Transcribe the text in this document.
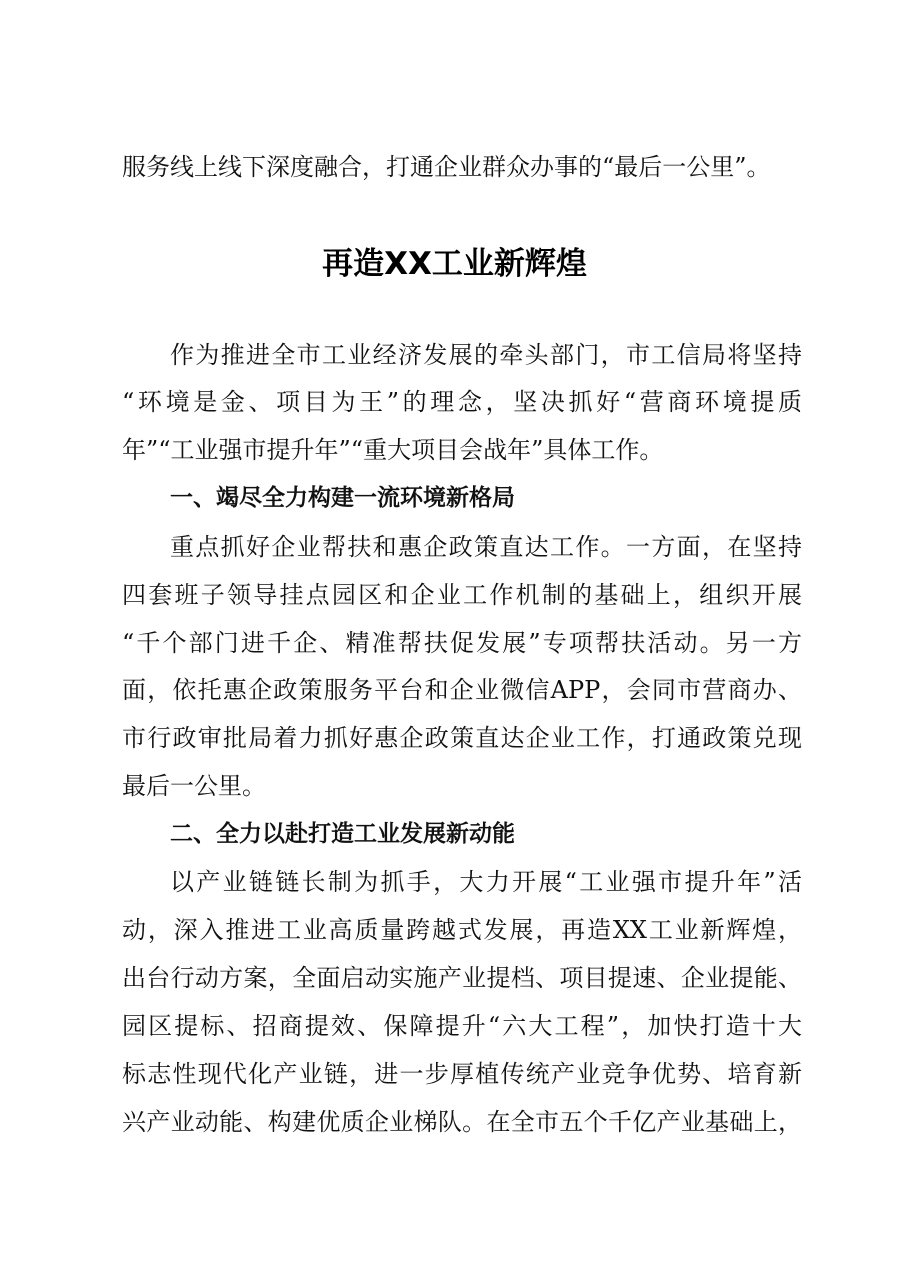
服务线上线下深度融合，打通企业群众办事的“最后一公里”。
再造XX工业新辉煌
作为推进全市工业经济发展的牵头部门，市工信局将坚持
“环境是金、项目为王”的理念，坚决抓好“营商环境提质
年”“工业强市提升年”“重大项目会战年”具体工作。
一、竭尽全力构建一流环境新格局
重点抓好企业帮扶和惠企政策直达工作。一方面，在坚持
四套班子领导挂点园区和企业工作机制的基础上，组织开展
“千个部门进千企、精准帮扶促发展”专项帮扶活动。另一方
面，依托惠企政策服务平台和企业微信APP，会同市营商办、
市行政审批局着力抓好惠企政策直达企业工作，打通政策兑现
最后一公里。
二、全力以赴打造工业发展新动能
以产业链链长制为抓手，大力开展“工业强市提升年”活
动，深入推进工业高质量跨越式发展，再造XX工业新辉煌，
出台行动方案，全面启动实施产业提档、项目提速、企业提能、
园区提标、招商提效、保障提升“六大工程”，加快打造十大
标志性现代化产业链，进一步厚植传统产业竞争优势、培育新
兴产业动能、构建优质企业梯队。在全市五个千亿产业基础上，
